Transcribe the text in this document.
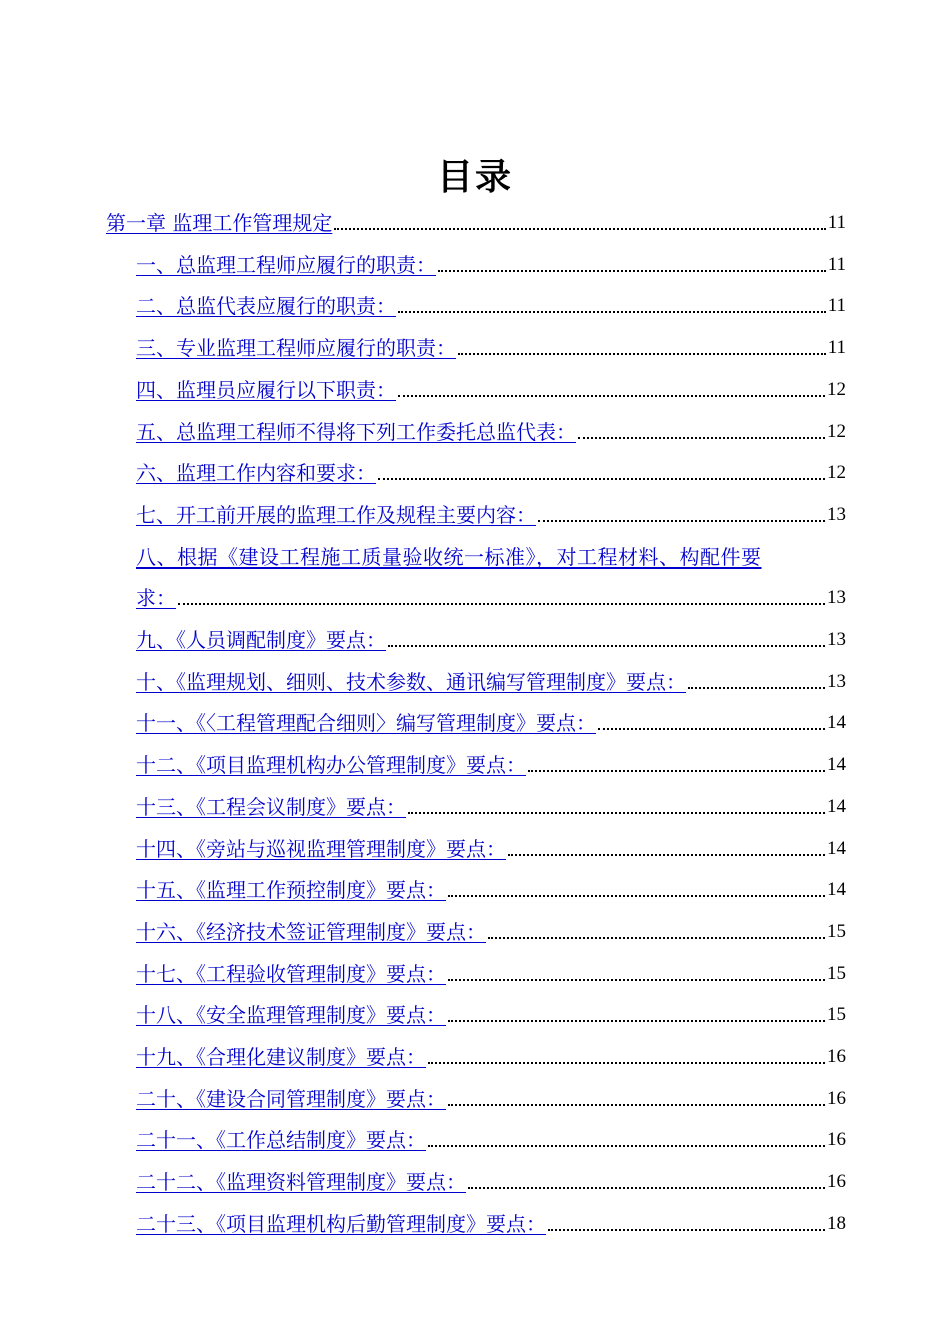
目录
第一章 监理工作管理规定	11
一、总监理工程师应履行的职责：	11
二、总监代表应履行的职责：	11
三、专业监理工程师应履行的职责：	11
四、监理员应履行以下职责：	12
五、总监理工程师不得将下列工作委托总监代表：	12
六、监理工作内容和要求：	12
七、开工前开展的监理工作及规程主要内容：	13
八、根据《建设工程施工质量验收统一标准》，对工程材料、构配件要
求：	13
九、《人员调配制度》要点：	13
十、《监理规划、细则、技术参数、通讯编写管理制度》要点：	13
十一、《〈工程管理配合细则〉编写管理制度》要点：	14
十二、《项目监理机构办公管理制度》要点：	14
十三、《工程会议制度》要点：	14
十四、《旁站与巡视监理管理制度》要点：	14
十五、《监理工作预控制度》要点：	14
十六、《经济技术签证管理制度》要点：	15
十七、《工程验收管理制度》要点：	15
十八、《安全监理管理制度》要点：	15
十九、《合理化建议制度》要点：	16
二十、《建设合同管理制度》要点：	16
二十一、《工作总结制度》要点：	16
二十二、《监理资料管理制度》要点：	16
二十三、《项目监理机构后勤管理制度》要点：	18
